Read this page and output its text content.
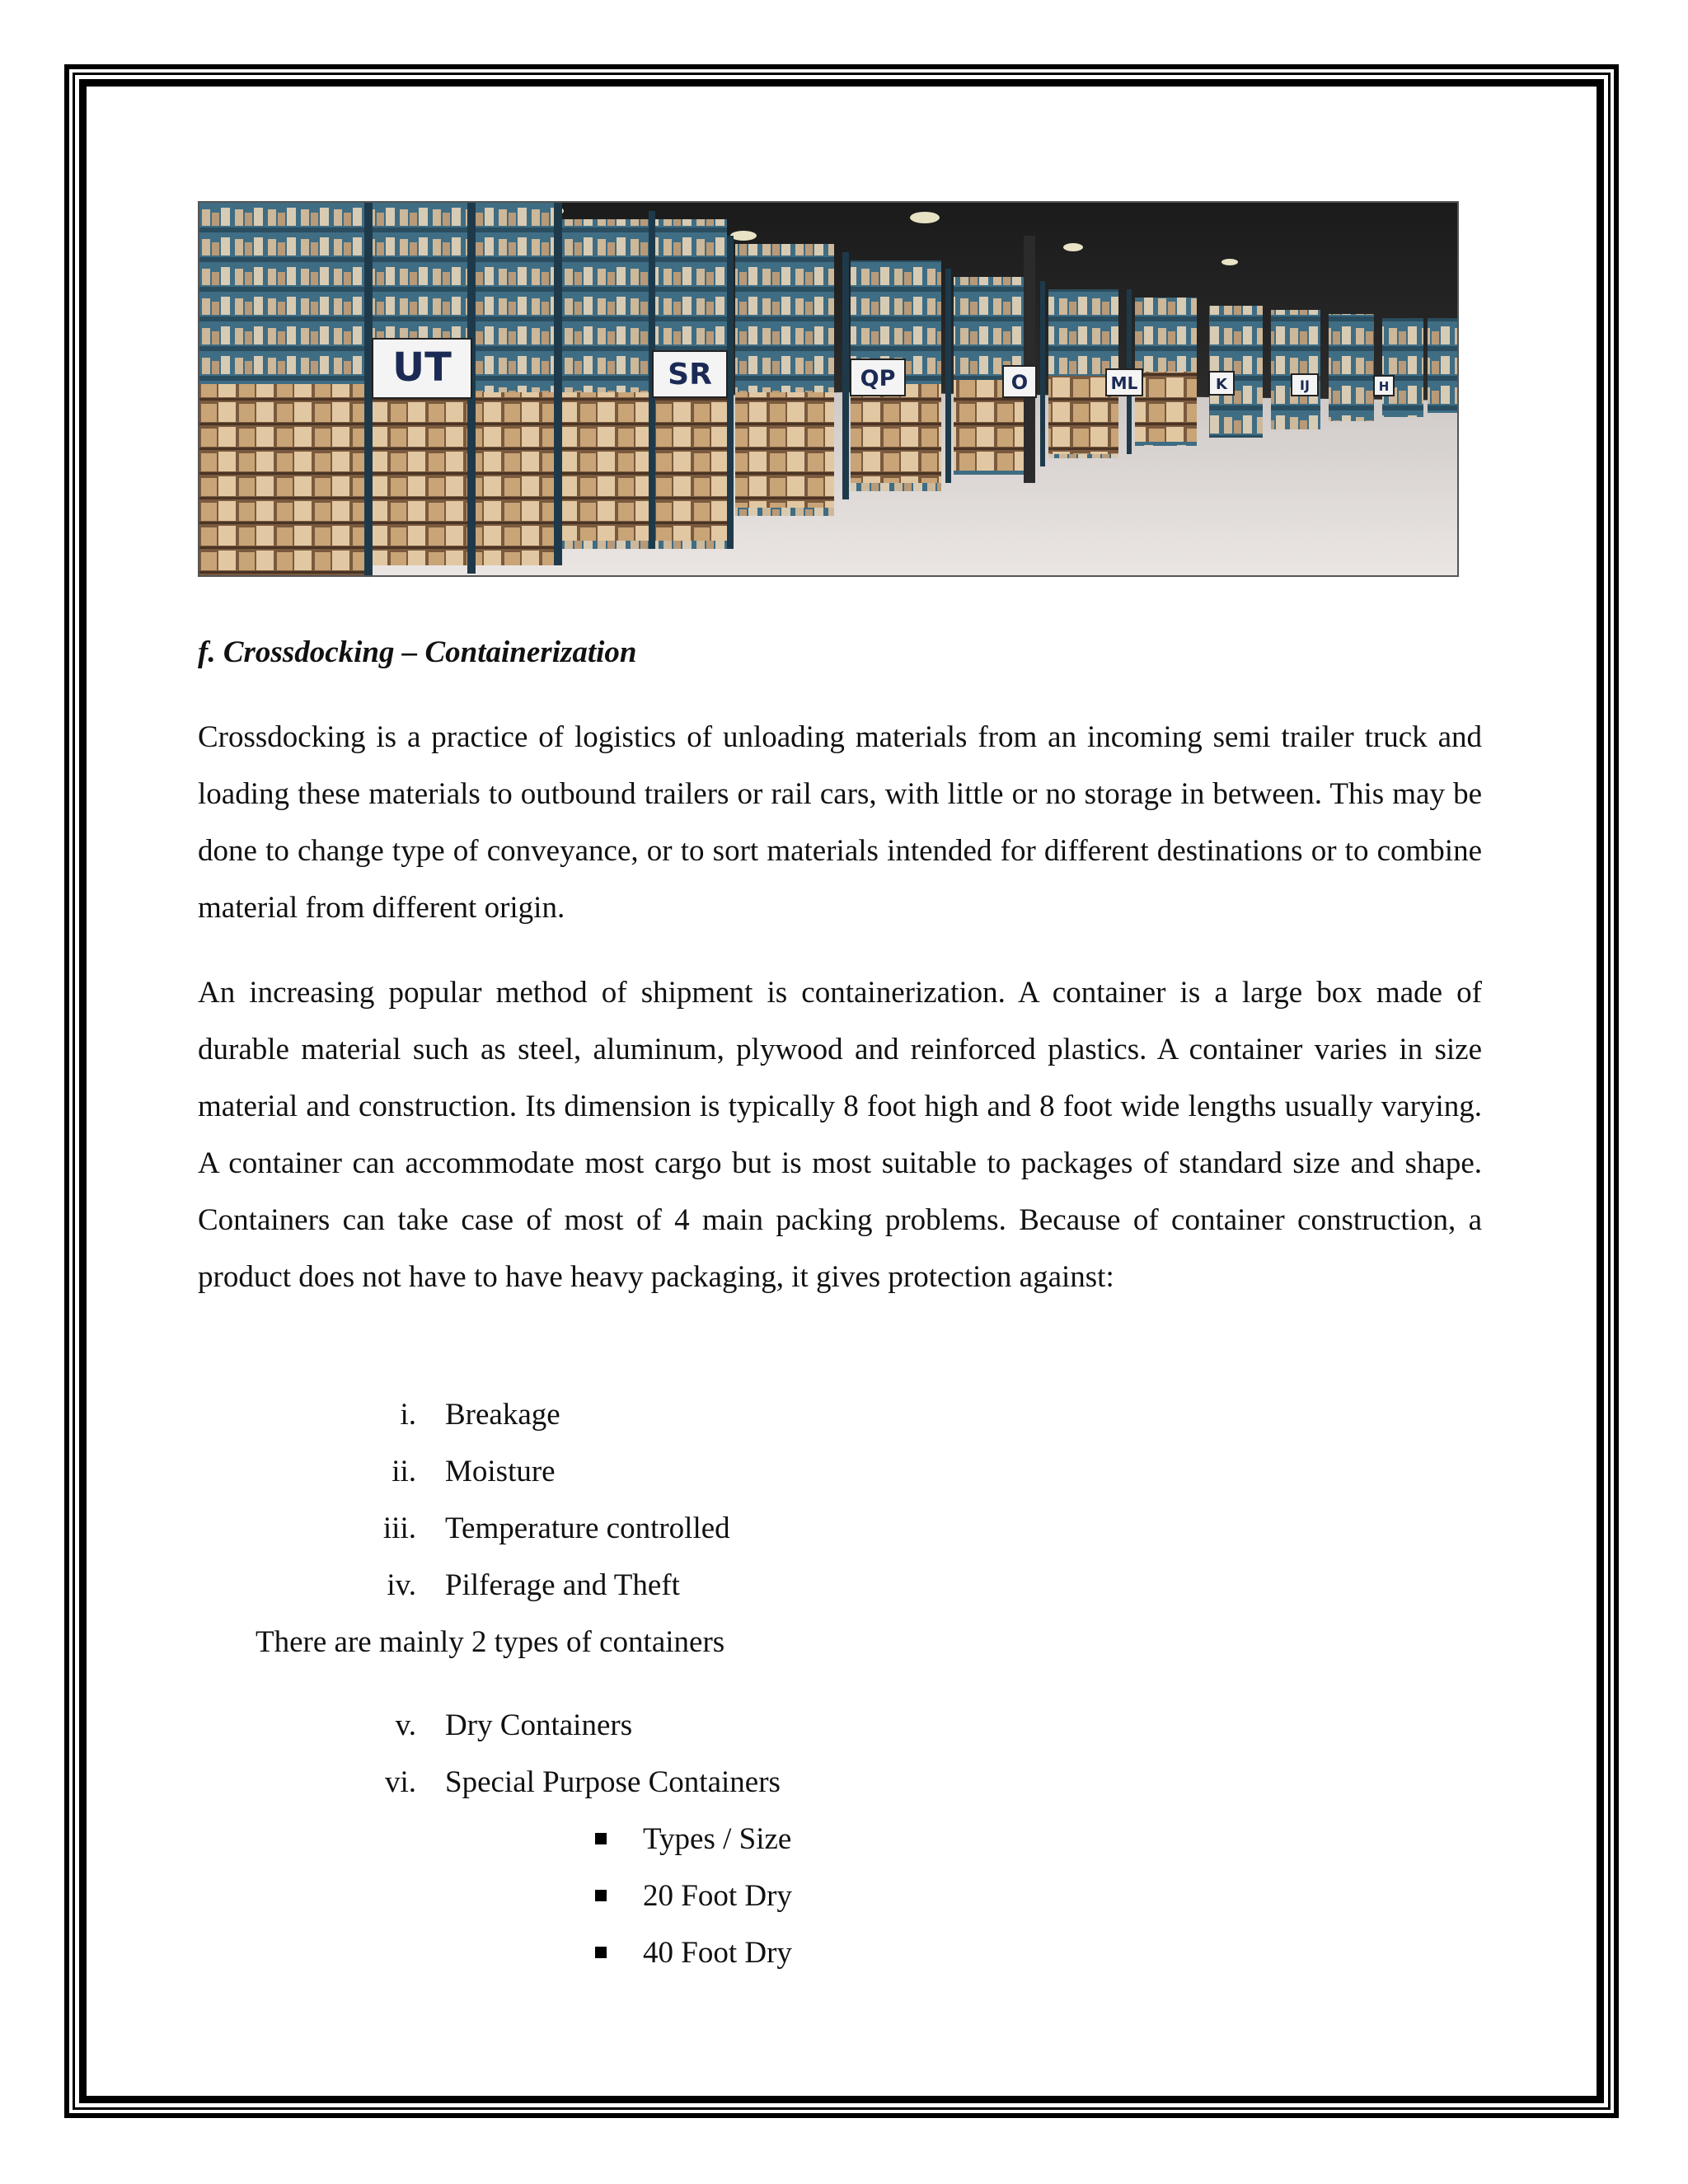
UT	SR	QP	O	ML	K	IJ	H
f. Crossdocking – Containerization

Crossdocking is a practice of logistics of unloading materials from an incoming semi trailer truck and loading these materials to outbound trailers or rail cars, with little or no storage in between. This may be done to change type of conveyance, or to sort materials intended for different destinations or to combine material from different origin.

An increasing popular method of shipment is containerization. A container is a large box made of durable material such as steel, aluminum, plywood and reinforced plastics. A container varies in size material and construction. Its dimension is typically 8 foot high and 8 foot wide lengths usually varying. A container can accommodate most cargo but is most suitable to packages of standard size and shape. Containers can take case of most of 4 main packing problems. Because of container construction, a product does not have to have heavy packaging, it gives protection against:

i. Breakage
ii. Moisture
iii. Temperature controlled
iv. Pilferage and Theft
There are mainly 2 types of containers
v. Dry Containers
vi. Special Purpose Containers
Types / Size
20 Foot Dry
40 Foot Dry
